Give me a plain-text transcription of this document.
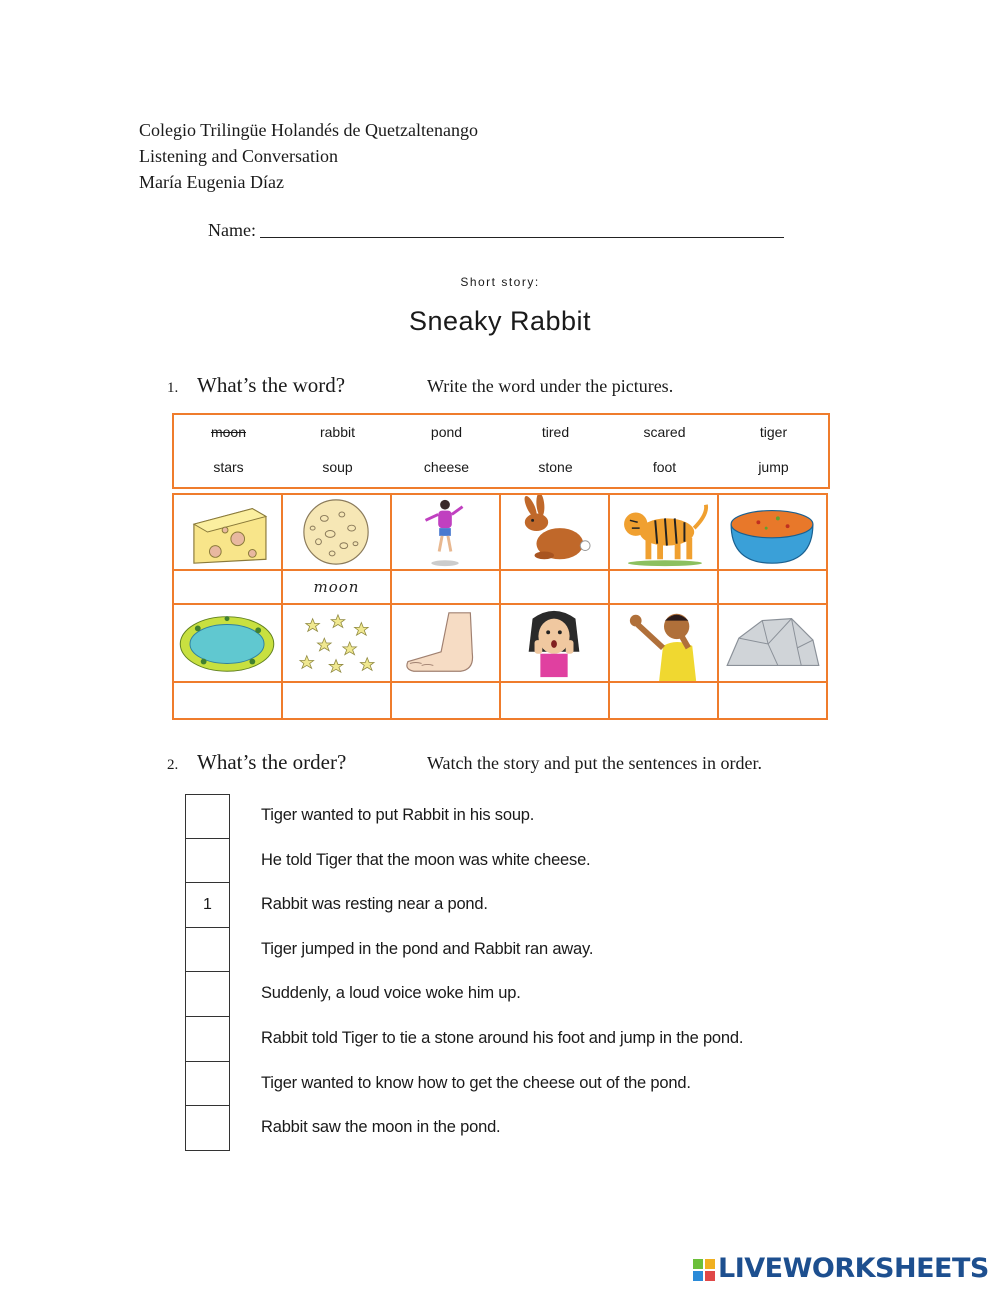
Colegio Trilingüe Holandés de Quetzaltenango
Listening and Conversation
María Eugenia Díaz
Name:
Short story:
Sneaky Rabbit
1. What’s the word?	Write the word under the pictures.
moon	rabbit	pond	tired	scared	tiger
stars	soup	cheese	stone	foot	jump
moon
2. What’s the order?	Watch the story and put the sentences in order.
Tiger wanted to put Rabbit in his soup.
He told Tiger that the moon was white cheese.
1	Rabbit was resting near a pond.
Tiger jumped in the pond and Rabbit ran away.
Suddenly, a loud voice woke him up.
Rabbit told Tiger to tie a stone around his foot and jump in the pond.
Tiger wanted to know how to get the cheese out of the pond.
Rabbit saw the moon in the pond.
LIVEWORKSHEETS
